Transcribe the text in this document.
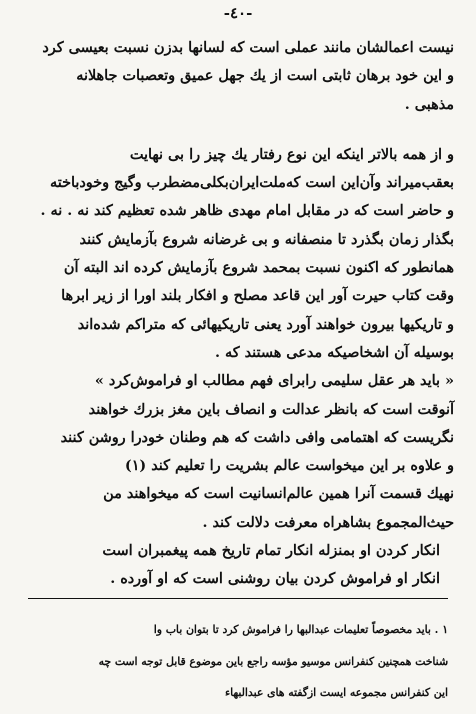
-٤٠-

نیست اعمالشان مانند عملی است که لسانها بدزن نسبت بعیسی کرد

و این خود برهان ثابتی است از یك جهل عمیق وتعصبات جاهلانه

مذهبی .

و از همه بالاتر اینکه این نوع رفتار يك چیز را بی نهایت

بعقب‌میراند وآن‌این است که‌ملت‌ایران‌بکلی‌مضطرب وگیج وخودباخته

و حاضر است که در مقابل امام مهدی ظاهر شده تعظیم کند نه . نه .

بگذار زمان بگذرد تا منصفانه و بی غرضانه شروع بآزمایش کنند

همانطور که اکنون نسبت بمحمد شروع بآزمایش کرده اند البته آن

وقت کتاب حیرت آور این قاعد مصلح و افکار بلند اورا از زیر ابرها

و تاریکیها بیرون خواهند آورد یعنی تاریکیهائی که متراکم شده‌اند

بوسیله آن اشخاصیکه مدعی هستند که .

« باید هر عقل سلیمی رابرای فهم مطالب او فراموش‌کرد »

آنوقت است که بانظر عدالت و انصاف باین مغز بزرك خواهند

نگریست که اهتمامی وافی داشت که هم وطنان خودرا روشن کنند

و علاوه بر این میخواست عالم بشریت را تعلیم کند (۱)

نهیك قسمت آنرا همین عالم‌انسانیت است که میخواهند من

حیث‌المجموع بشاهراه معرفت دلالت کند .

انکار کردن او بمنزله انکار تمام تاریخ همه پیغمبران است

انکار او فراموش کردن بیان روشنی است که او آورده .

۱ . باید مخصوصاً تعلیمات عبدالبها را فراموش کرد تا بتوان باب وا

شناخت همچنین کنفرانس موسیو مؤسه راجع باین موضوع قابل توجه است چه

این کنفرانس مجموعه ایست ازگفته های عبدالبهاء
